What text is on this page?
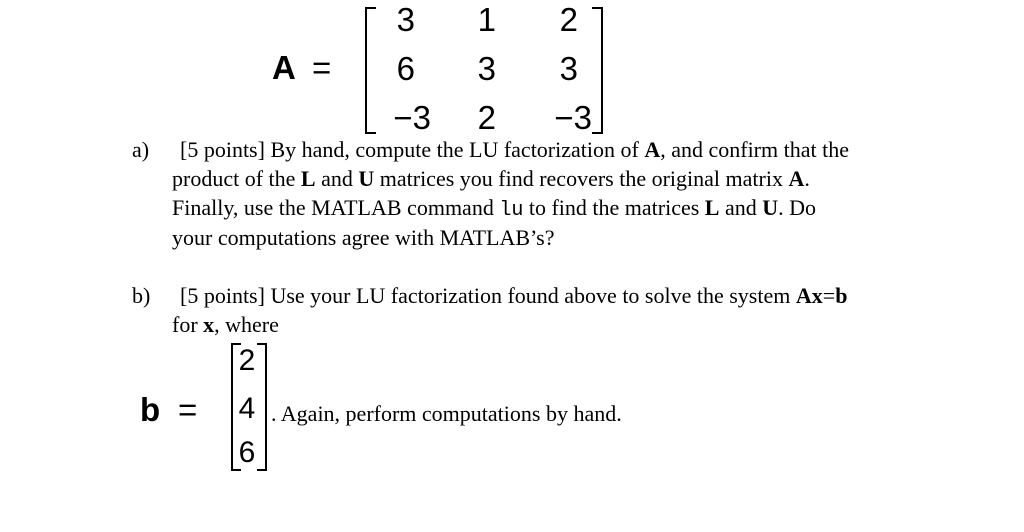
A =
3	1	2
6	3	3
−3	2	−3
a) [5 points] By hand, compute the LU factorization of A, and confirm that the
product of the L and U matrices you find recovers the original matrix A.
Finally, use the MATLAB command lu to find the matrices L and U. Do
your computations agree with MATLAB’s?
b) [5 points] Use your LU factorization found above to solve the system Ax=b
for x, where
b =
2
4
6
. Again, perform computations by hand.
